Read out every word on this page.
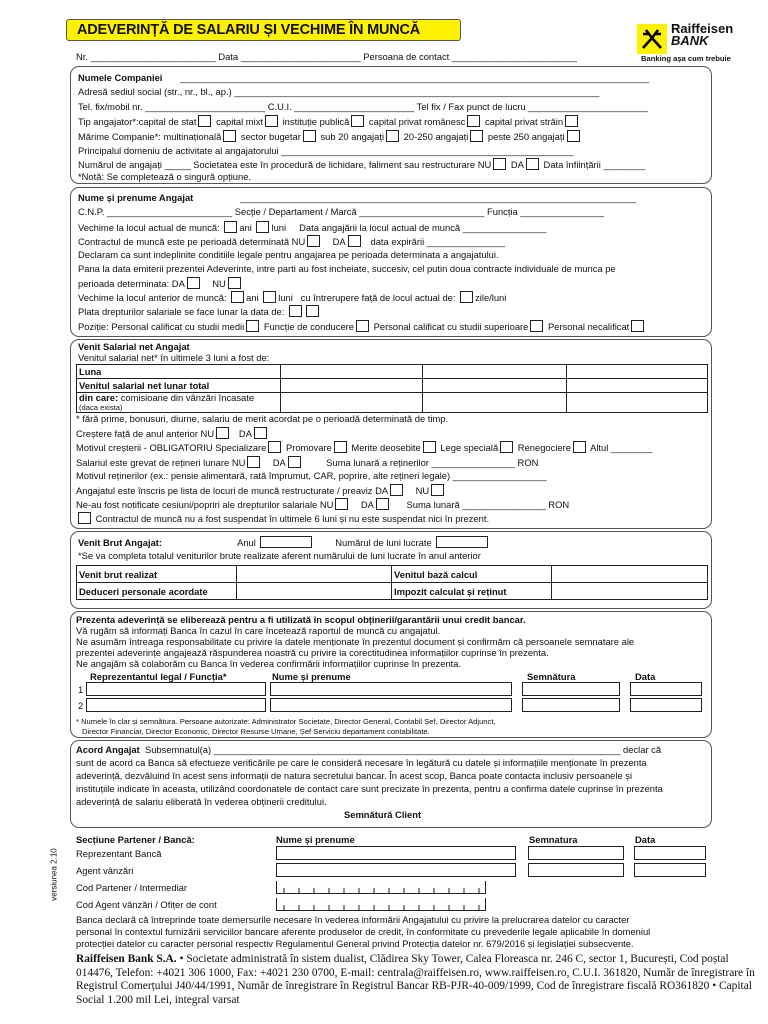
ADEVERINȚĂ DE SALARIU ȘI VECHIME ÎN MUNCĂ	Raiffeisen
BANK
Banking așa cum trebuie
Nr. ________________________ Data _______________________ Persoana de contact ________________________
Numele Companiei __________________________________________________________________________________________
Adresă sediul social (str., nr., bl., ap.) ______________________________________________________________________
Tel. fix/mobil nr. _______________________ C.U.I. _______________________ Tel fix / Fax punct de lucru _______________________
Tip angajator*:capital de stat capital mixt instituție publică capital privat românesc capital privat străin
Mărime Companie*: multinațională sector bugetar sub 20 angajați 20-250 angajați peste 250 angajați
Principalul domeniu de activitate al angajatorului ________________________________________________________
Numărul de angajați _____ Societatea este în procedură de lichidare, faliment sau restructurare NU DA Data înființării ________
*Notă: Se completează o singură opțiune.
Nume și prenume Angajat	____________________________________________________________________________
C.N.P. ________________________ Secție / Departament / Marcă ________________________ Funcția ________________
Vechime la locul actual de muncă: ani luni Data angajării la locul actual de muncă ________________
Contractul de muncă este pe perioadă determinată NU	DA	data expirării _______________
Declaram ca sunt indeplinite conditiile legale pentru angajarea pe perioada determinata a angajatului.
Pana la data emiterii prezentei Adeverinte, intre parti au fost incheiate, succesiv, cel putin doua contracte individuale de munca pe
perioada determinata: DA	NU
Vechime la locul anterior de muncă: ani luni cu întrerupere față de locul actual de: zile/luni
Plata drepturilor salariale se face lunar la data de:
Poziție: Personal calificat cu studii medii Funcție de conducere Personal calificat cu studii superioare Personal necalificat
Venit Salarial net Angajat
Venitul salarial net* în ultimele 3 luni a fost de:
Luna			
Venitul salarial net lunar total			
din care: comisioane din vânzări încasate
(daca exista)			
* fără prime, bonusuri, diurne, salariu de merit acordat pe o perioadă determinată de timp.
Creștere față de anul anterior NU	DA
Motivul creșterii - OBLIGATORIU Specializare Promovare Merite deosebite Lege specială Renegociere Altul ________
Salariul este grevat de rețineri lunare NU	DA	Suma lunară a reținerilor ________________ RON
Motivul reținerilor (ex.: pensie alimentară, rată împrumut, CAR, poprire, alte rețineri legale) __________________
Angajatul este înscris pe lista de locuri de muncă restructurate / preaviz DA	NU
Ne-au fost notificate cesiuni/popriri ale drepturilor salariale NU	DA	Suma lunară ________________ RON
Contractul de muncă nu a fost suspendat în ultimele 6 luni și nu este suspendat nici în prezent.
Venit Brut Angajat:	Anul	Numărul de luni lucrate
*Se va completa totalul veniturilor brute realizate aferent numărului de luni lucrate în anul anterior
Venit brut realizat		Venitul bază calcul	
Deduceri personale acordate		Impozit calculat și reținut	
Prezenta adeverință se eliberează pentru a fi utilizată în scopul obținerii/garantării unui credit bancar.
Vă rugăm să informați Banca în cazul în care încetează raportul de muncă cu angajatul.
Ne asumăm întreaga responsabilitate cu privire la datele menționate în prezentul document și confirmăm că persoanele semnatare ale
prezentei adeverințe angajează răspunderea noastră cu privire la corectitudinea informațiilor cuprinse în prezenta.
Ne angajăm să colaborăm cu Banca în vederea confirmării informațiilor cuprinse în prezenta.
Reprezentantul legal / Funcția*	Nume și prenume	Semnătura	Data
1
2
* Numele în clar și semnătura. Persoane autorizate: Administrator Societate, Director General, Contabil Șef, Director Adjunct,
Director Financiar, Director Economic, Director Resurse Umane, Șef Serviciu departament contabilitate.
Acord Angajat Subsemnatul(a) ______________________________________________________________________________ declar că
sunt de acord ca Banca să efectueze verificările pe care le consideră necesare în legătură cu datele și informațiile menționate în prezenta
adeverință, dezvăluind în acest sens informații de natura secretului bancar. În acest scop, Banca poate contacta inclusiv persoanele și
instituțiile indicate în aceasta, utilizând coordonatele de contact care sunt precizate în prezenta, pentru a confirma datele cuprinse în prezenta
adeverință de salariu eliberată în vederea obținerii creditului.
Semnătură Client
Secțiune Partener / Bancă:	Nume și prenume	Semnatura	Data
Reprezentant Bancă
Agent vânzări
Cod Partener / Intermediar
Cod Agent vânzări / Ofițer de cont
Banca declară că întreprinde toate demersurile necesare în vederea informării Angajatului cu privire la prelucrarea datelor cu caracter
personal în contextul furnizării serviciilor bancare aferente produselor de credit, în conformitate cu prevederile legale aplicabile în domeniul
protecției datelor cu caracter personal respectiv Regulamentul General privind Protecția datelor nr. 679/2016 și legislației subsecvente.
versiunea 2.10
Raiffeisen Bank S.A. • Societate administrată în sistem dualist, Clădirea Sky Tower, Calea Floreasca nr. 246 C, sector 1, București, Cod poștal 014476, Telefon: +4021 306 1000, Fax: +4021 230 0700, E-mail: centrala@raiffeisen.ro, www.raiffeisen.ro, C.U.I. 361820, Număr de înregistrare în Registrul Comerțului J40/44/1991, Număr de înregistrare în Registrul Bancar RB-PJR-40-009/1999, Cod de înregistrare fiscală RO361820 • Capital Social 1.200 mil Lei, integral varsat
